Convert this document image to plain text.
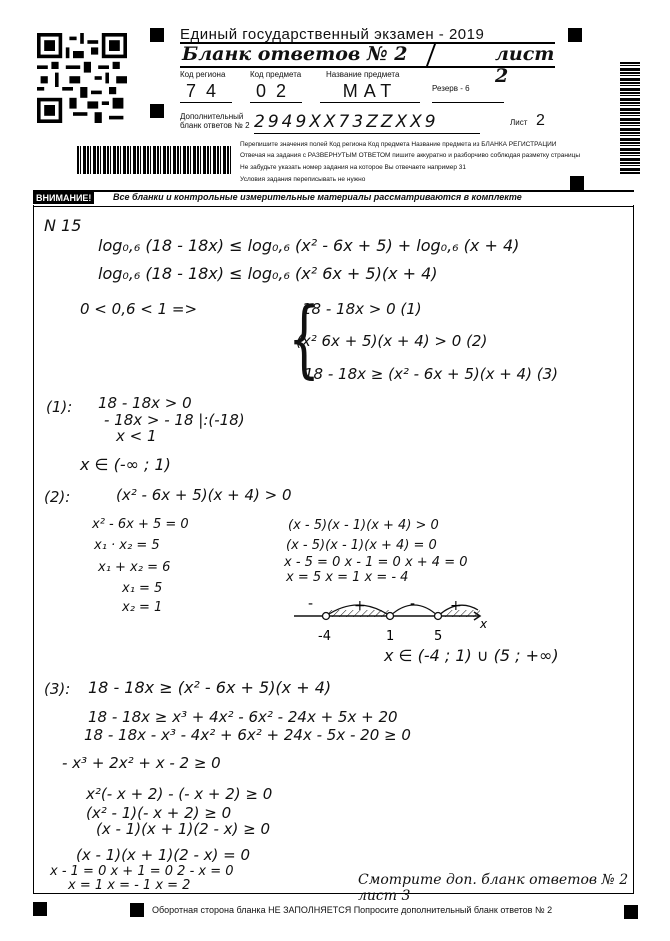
Единый государственный экзамен - 2019
Бланк ответов № 2	лист 2
Код региона	Код предмета	Название предмета
74	02	МАТ	Резерв - 6
Дополнительный бланк ответов № 2 2949XX73ZZXX9	Лист 2
Перепишите значения полей Код региона Код предмета Название предмета из БЛАНКА РЕГИСТРАЦИИ
Отвечая на задания с РАЗВЕРНУТЫМ ОТВЕТОМ пишите аккуратно и разборчиво соблюдая разметку страницы
Не забудьте указать номер задания на которое Вы отвечаете например 31
Условия задания переписывать не нужно
ВНИМАНИЕ!	Все бланки и контрольные измерительные материалы рассматриваются в комплекте
N 15
log₀,₆ (18 - 18x) ≤ log₀,₆ (x² - 6x + 5) + log₀,₆ (x + 4)
log₀,₆ (18 - 18x) ≤ log₀,₆ (x² 6x + 5)(x + 4)
0 < 0,6 < 1 => {
18 - 18x > 0 (1)
(x² 6x + 5)(x + 4) > 0 (2)
18 - 18x ≥ (x² - 6x + 5)(x + 4) (3)
(1): 18 - 18x > 0
- 18x > - 18 |:(-18)
x < 1
x ∈ (-∞ ; 1)
(2):	(x² - 6x + 5)(x + 4) > 0
x² - 6x + 5 = 0
x₁ · x₂ = 5
x₁ + x₂ = 6
x₁ = 5
x₂ = 1
(x - 5)(x - 1)(x + 4) > 0
(x - 5)(x - 1)(x + 4) = 0
x - 5 = 0 x - 1 = 0 x + 4 = 0
x = 5 x = 1 x = - 4
-	+	- +
x
-4	1	5
x ∈ (-4 ; 1) ∪ (5 ; +∞)
(3): 18 - 18x ≥ (x² - 6x + 5)(x + 4)
18 - 18x ≥ x³ + 4x² - 6x² - 24x + 5x + 20
18 - 18x - x³ - 4x² + 6x² + 24x - 5x - 20 ≥ 0
- x³ + 2x² + x - 2 ≥ 0
x²(- x + 2) - (- x + 2) ≥ 0
(x² - 1)(- x + 2) ≥ 0
(x - 1)(x + 1)(2 - x) ≥ 0
(x - 1)(x + 1)(2 - x) = 0
x - 1 = 0 x + 1 = 0 2 - x = 0
x = 1 x = - 1 x = 2	Смотрите доп. бланк ответов № 2 лист 3
Оборотная сторона бланка НЕ ЗАПОЛНЯЕТСЯ Попросите дополнительный бланк ответов № 2
